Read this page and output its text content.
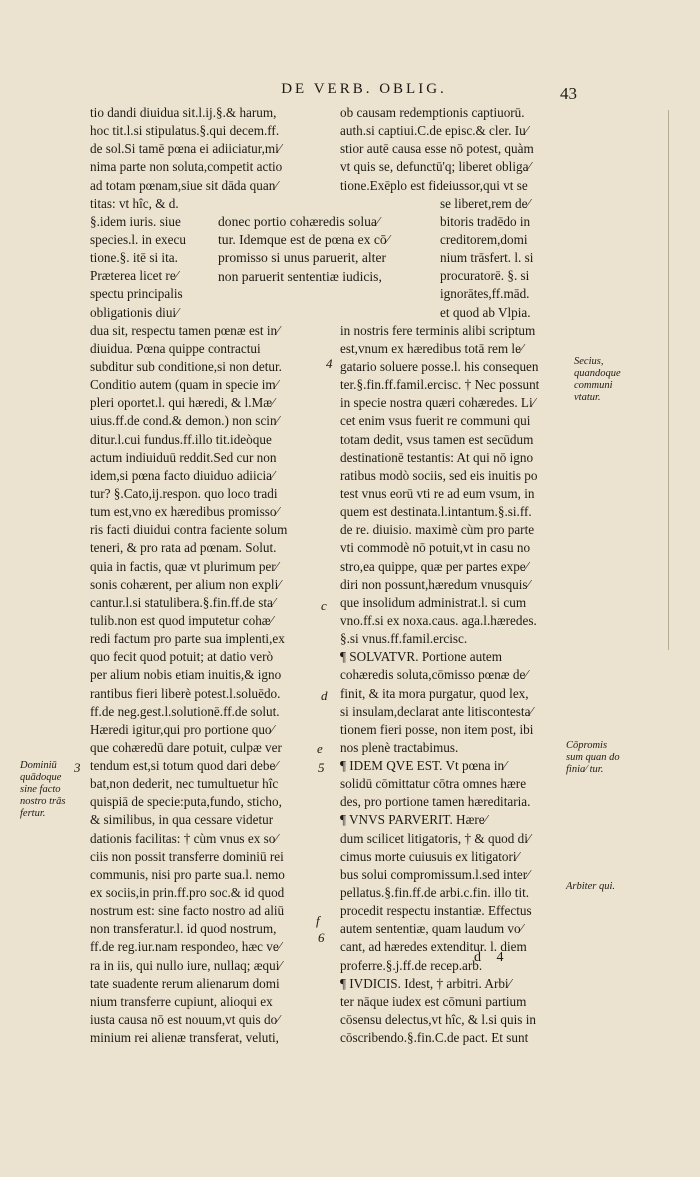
DE VERB. OBLIG.	43
tio dandi diuidua sit.l.ij.§.& harum,
hoc tit.l.si stipulatus.§.qui decem.ff.
de sol.Si tamē pœna ei adiiciatur,mi⁄
nima parte non soluta,competit actio
ad totam pœnam,siue sit dāda quan⁄
titas: vt hîc, & d.
§.idem iuris. siue
species.l. in execu
tione.§. itē si ita.
Præterea licet re⁄
spectu principalis
obligationis diui⁄
dua sit, respectu tamen pœnæ est in⁄
diuidua. Pœna quippe contractui
subditur sub conditione,si non detur.
Conditio autem (quam in specie im⁄
pleri oportet.l. qui hæredi, & l.Mæ⁄
uius.ff.de cond.& demon.) non scin⁄
ditur.l.cui fundus.ff.illo tit.ideòque
actum indiuiduū reddit.Sed cur non
idem,si pœna facto diuiduo adiicia⁄
tur? §.Cato,ij.respon. quo loco tradi
tum est,vno ex hæredibus promisso⁄
ris facti diuidui contra faciente solum
teneri, & pro rata ad pœnam. Solut.
quia in factis, quæ vt plurimum per⁄
sonis cohærent, per alium non expli⁄
cantur.l.si statulibera.§.fin.ff.de sta⁄
tulib.non est quod imputetur cohæ⁄
redi factum pro parte sua implenti,ex
quo fecit quod potuit; at datio verò
per alium nobis etiam inuitis,& igno
rantibus fieri liberè potest.l.soluēdo.
ff.de neg.gest.l.solutionē.ff.de solut.
Hæredi igitur,qui pro portione quo⁄
que cohæredū dare potuit, culpæ ver
tendum est,si totum quod dari debe⁄
bat,non dederit, nec tumultuetur hîc
quispiā de specie:puta,fundo, sticho,
& similibus, in qua cessare videtur
dationis facilitas: † cùm vnus ex so⁄
ciis non possit transferre dominiū rei
communis, nisi pro parte sua.l. nemo
ex sociis,in prin.ff.pro soc.& id quod
nostrum est: sine facto nostro ad aliū
non transferatur.l. id quod nostrum,
ff.de reg.iur.nam respondeo, hæc ve⁄
ra in iis, qui nullo iure, nullaq; æqui⁄
tate suadente rerum alienarum domi
nium transferre cupiunt, alioqui ex
iusta causa nō est nouum,vt quis do⁄
minium rei alienæ transferat, veluti,
ob causam redemptionis captiuorū.
auth.si captiui.C.de episc.& cler. Iu⁄
stior autē causa esse nō potest, quàm
vt quis se, defunctū'q; liberet obliga⁄
tione.Exēplo est fideiussor,qui vt se
se liberet,rem de⁄
bitoris tradēdo in
creditorem,domi
nium trāsfert. l. si
procuratorē. §. si
ignorātes,ff.mād.
et quod ab Vlpia.
in nostris fere terminis alibi scriptum
est,vnum ex hæredibus totā rem le⁄
gatario soluere posse.l. his consequen
ter.§.fin.ff.famil.ercisc. † Nec possunt
in specie nostra quæri cohæredes. Li⁄
cet enim vsus fuerit re communi qui
totam dedit, vsus tamen est secūdum
destinationē testantis: At qui nō igno
ratibus modò sociis, sed eis inuitis po
test vnus eorū vti re ad eum vsum, in
quem est destinata.l.intantum.§.si.ff.
de re. diuisio. maximè cùm pro parte
vti commodè nō potuit,vt in casu no
stro,ea quippe, quæ per partes expe⁄
diri non possunt,hæredum vnusquis⁄
que insolidum administrat.l. si cum
vno.ff.si ex noxa.caus. aga.l.hæredes.
§.si vnus.ff.famil.ercisc.
¶ SOLVATVR. Portione autem
cohæredis soluta,cōmisso pœnæ de⁄
finit, & ita mora purgatur, quod lex,
si insulam,declarat ante litiscontesta⁄
tionem fieri posse, non item post, ibi
nos plenè tractabimus.
¶ IDEM QVE EST. Vt pœna in⁄
solidū cōmittatur cōtra omnes hære
des, pro portione tamen hæreditaria.
¶ VNVS PARVERIT. Hære⁄
dum scilicet litigatoris, † & quod di⁄
cimus morte cuiusuis ex litigatori⁄
bus solui compromissum.l.sed inter⁄
pellatus.§.fin.ff.de arbi.c.fin. illo tit.
procedit respectu instantiæ. Effectus
autem sententiæ, quam laudum vo⁄
cant, ad hæredes extenditur. l. diem
proferre.§.j.ff.de recep.arb.
¶ IVDICIS. Idest, † arbitri. Arbi⁄
ter nāque iudex est cōmuni partium
cōsensu delectus,vt hîc, & l.si quis in
cōscribendo.§.fin.C.de pact. Et sunt
donec portio cohæredis solua⁄
tur. Idemque est de pœna ex cō⁄
promisso si unus paruerit, alter
non paruerit sententiæ iudicis,
c
d
e
f
3
4
5
6
Dominiū quādoque sine facto nostro trās fertur.
Secius, quandoque communi vtatur.
Cōpromis sum quan do finia⁄ tur.
Arbiter qui.
d 4
